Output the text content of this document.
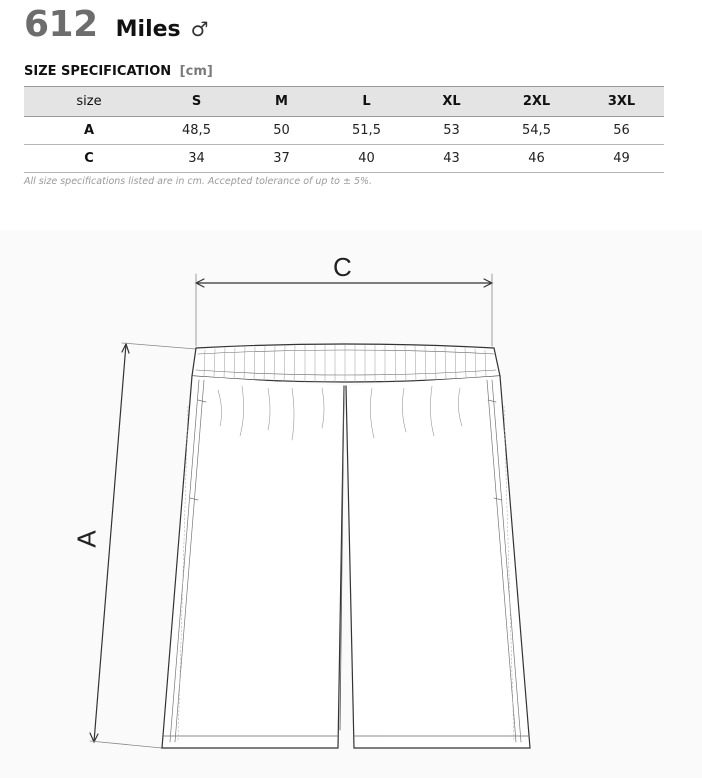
612 Miles ♂
SIZE SPECIFICATION [cm]
size	S	M	L	XL	2XL	3XL
A	48,5	50	51,5	53	54,5	56
C	34	37	40	43	46	49
All size specifications listed are in cm. Accepted tolerance of up to ± 5%.
C
A
